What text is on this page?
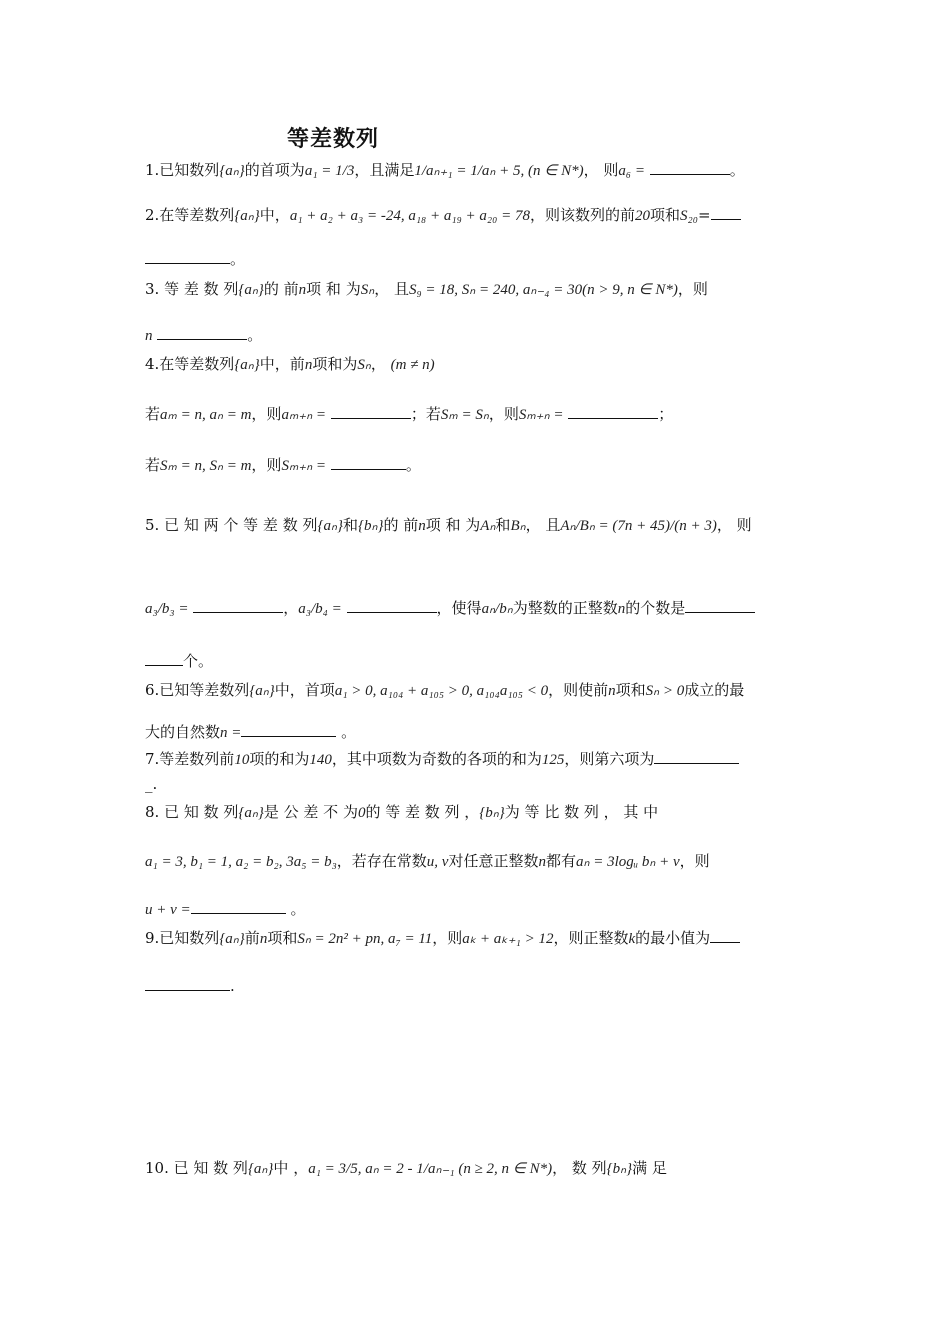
等差数列
1.已知数列{aₙ}的首项为a₁ = 1/3，且满足1/aₙ₊₁ = 1/aₙ + 5, (n ∈ N*)， 则a₆ =	。
2.在等差数列{aₙ}中，a₁ + a₂ + a₃ = -24, a₁₈ + a₁₉ + a₂₀ = 78，则该数列的前20项和S₂₀=
。
3. 等 差 数 列{aₙ}的 前n项 和 为Sₙ， 且S₉ = 18, Sₙ = 240, aₙ₋₄ = 30(n > 9, n ∈ N*)，则
n	。
4.在等差数列{aₙ}中，前n项和为Sₙ， (m ≠ n)
若aₘ = n, aₙ = m，则aₘ₊ₙ =	；若Sₘ = Sₙ，则Sₘ₊ₙ =	；
若Sₘ = n, Sₙ = m，则Sₘ₊ₙ =	。
5. 已 知 两 个 等 差 数 列{aₙ}和{bₙ}的 前n项 和 为Aₙ和Bₙ， 且Aₙ/Bₙ = (7n + 45)/(n + 3)， 则
a₃/b₃ =	，a₃/b₄ =	，使得aₙ/bₙ为整数的正整数n的个数是
个。
6.已知等差数列{aₙ}中，首项a₁ > 0, a₁₀₄ + a₁₀₅ > 0, a₁₀₄a₁₀₅ < 0，则使前n项和Sₙ > 0成立的最
大的自然数n =	。
7.等差数列前10项的和为140，其中项数为奇数的各项的和为125，则第六项为
_.
8. 已 知 数 列{aₙ}是 公 差 不 为0的 等 差 数 列 ，{bₙ}为 等 比 数 列 ， 其 中
a₁ = 3, b₁ = 1, a₂ = b₂, 3a₅ = b₃，若存在常数u, v对任意正整数n都有aₙ = 3logᵤ bₙ + v，则
u + v =	。
9.已知数列{aₙ}前n项和Sₙ = 2n² + pn, a₇ = 11，则aₖ + aₖ₊₁ > 12，则正整数k的最小值为
.
10. 已 知 数 列{aₙ}中 ，a₁ = 3/5, aₙ = 2 - 1/aₙ₋₁ (n ≥ 2, n ∈ N*)， 数 列{bₙ}满 足
